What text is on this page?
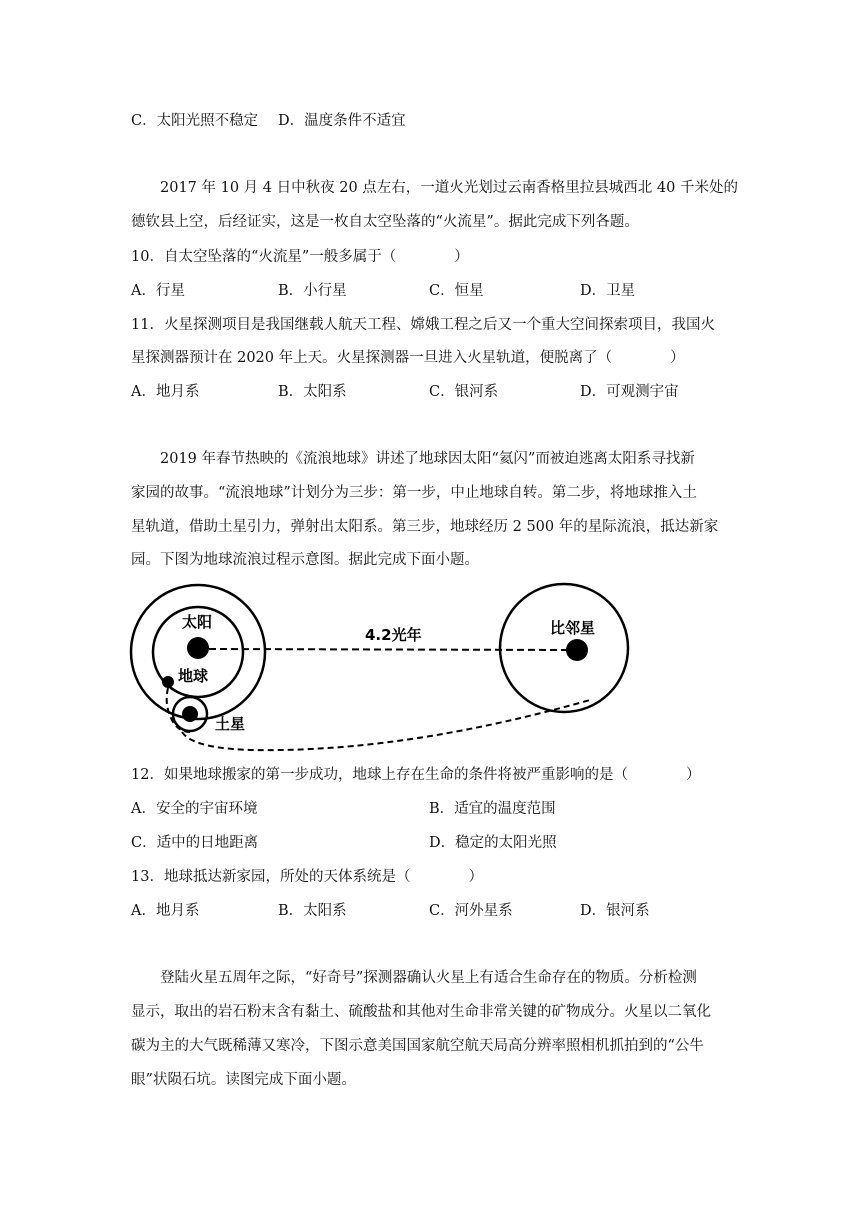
C．太阳光照不稳定 D．温度条件不适宜
2017 年 10 月 4 日中秋夜 20 点左右，一道火光划过云南香格里拉县城西北 40 千米处的
德钦县上空，后经证实，这是一枚自太空坠落的“火流星”。据此完成下列各题。
10．自太空坠落的“火流星”一般多属于（　　　　）
A．行星	B．小行星	C．恒星	D．卫星
11．火星探测项目是我国继载人航天工程、嫦娥工程之后又一个重大空间探索项目，我国火
星探测器预计在 2020 年上天。火星探测器一旦进入火星轨道，便脱离了（　　　　）
A．地月系	B．太阳系	C．银河系	D．可观测宇宙
2019 年春节热映的《流浪地球》讲述了地球因太阳“氦闪”而被迫逃离太阳系寻找新
家园的故事。“流浪地球”计划分为三步：第一步，中止地球自转。第二步，将地球推入土
星轨道，借助土星引力，弹射出太阳系。第三步，地球经历 2 500 年的星际流浪，抵达新家
园。下图为地球流浪过程示意图。据此完成下面小题。
太阳
地球
土星
比邻星
4.2光年
12．如果地球搬家的第一步成功，地球上存在生命的条件将被严重影响的是（　　　　）
A．安全的宇宙环境	B．适宜的温度范围
C．适中的日地距离	D．稳定的太阳光照
13．地球抵达新家园，所处的天体系统是（　　　　）
A．地月系	B．太阳系	C．河外星系	D．银河系
登陆火星五周年之际，“好奇号”探测器确认火星上有适合生命存在的物质。分析检测
显示，取出的岩石粉末含有黏土、硫酸盐和其他对生命非常关键的矿物成分。火星以二氧化
碳为主的大气既稀薄又寒冷，下图示意美国国家航空航天局高分辨率照相机抓拍到的“公牛
眼”状陨石坑。读图完成下面小题。
